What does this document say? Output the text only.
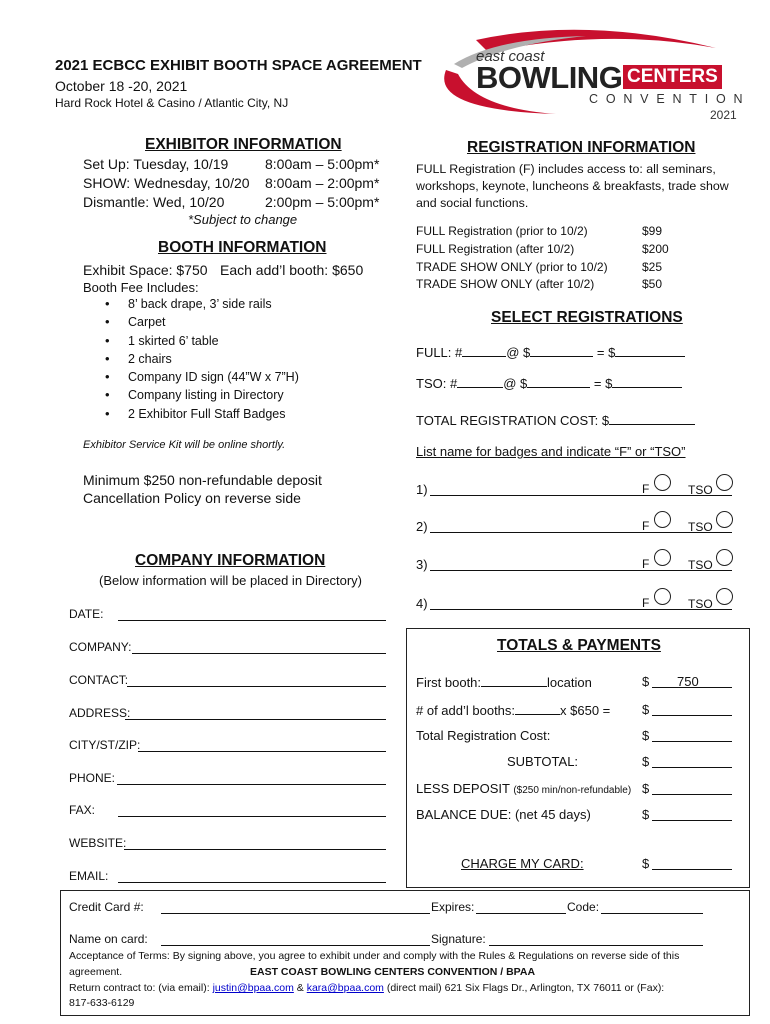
2021 ECBCC EXHIBIT BOOTH SPACE AGREEMENT
October 18 -20, 2021
Hard Rock Hotel & Casino / Atlantic City, NJ
east coast
BOWLING CENTERS
CONVENTION
2021
EXHIBITOR INFORMATION
Set Up: Tuesday, 10/19	8:00am – 5:00pm*
SHOW: Wednesday, 10/20 8:00am – 2:00pm*
Dismantle: Wed, 10/20	2:00pm – 5:00pm*
*Subject to change
BOOTH INFORMATION
Exhibit Space: $750 Each add’l booth: $650
Booth Fee Includes:
• 8’ back drape, 3’ side rails
• Carpet
• 1 skirted 6’ table
• 2 chairs
• Company ID sign (44”W x 7”H)
• Company listing in Directory
• 2 Exhibitor Full Staff Badges
Exhibitor Service Kit will be online shortly.
Minimum $250 non-refundable deposit
Cancellation Policy on reverse side
COMPANY INFORMATION
(Below information will be placed in Directory)
DATE:
COMPANY:
CONTACT:
ADDRESS:
CITY/ST/ZIP:
PHONE:
FAX:
WEBSITE:
EMAIL:
REGISTRATION INFORMATION
FULL Registration (F) includes access to: all seminars, workshops, keynote, luncheons & breakfasts, trade show and social functions.
FULL Registration (prior to 10/2)	$99
FULL Registration (after 10/2)	$200
TRADE SHOW ONLY (prior to 10/2)	$25
TRADE SHOW ONLY (after 10/2)	$50
SELECT REGISTRATIONS
FULL: #	@ $	= $
TSO: #	@ $	= $
TOTAL REGISTRATION COST: $
List name for badges and indicate “F” or “TSO”
1)	F	TSO
2)	F	TSO
3)	F	TSO
4)	F	TSO
TOTALS & PAYMENTS
First booth:	location	$ 750
# of add’l booths:	x $650 = $
Total Registration Cost:	$
SUBTOTAL:	$
LESS DEPOSIT ($250 min/non-refundable) $
BALANCE DUE: (net 45 days)	$
CHARGE MY CARD:	$
Credit Card #:	Expires:	Code:
Name on card:	Signature:
Acceptance of Terms: By signing above, you agree to exhibit under and comply with the Rules & Regulations on reverse side of this
agreement.	EAST COAST BOWLING CENTERS CONVENTION / BPAA
Return contract to: (via email): justin@bpaa.com & kara@bpaa.com (direct mail) 621 Six Flags Dr., Arlington, TX 76011 or (Fax):
817-633-6129
